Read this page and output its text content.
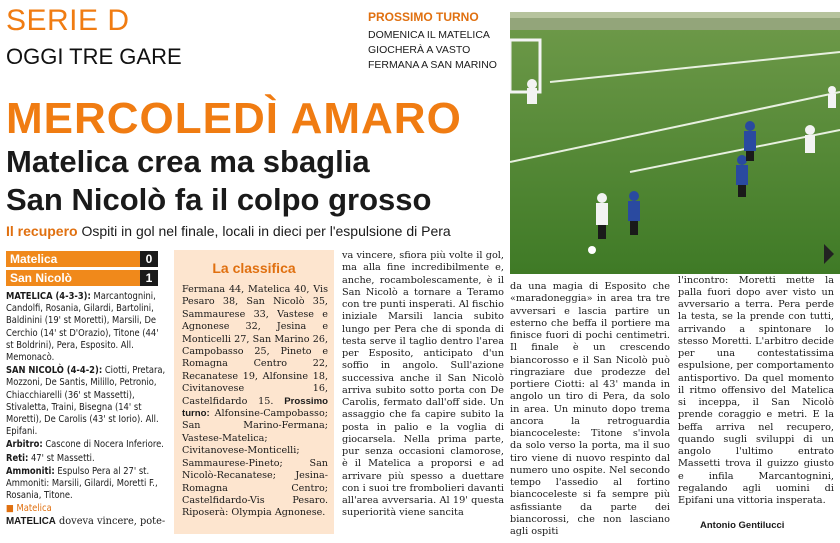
SERIE D
OGGI TRE GARE
PROSSIMO TURNO
DOMENICA IL MATELICA
GIOCHERÀ A VASTO
FERMANA A SAN MARINO
MERCOLEDÌ AMARO
Matelica crea ma sbaglia
San Nicolò fa il colpo grosso
Il recupero Ospiti in gol nel finale, locali in dieci per l'espulsione di Pera
Matelica	0
San Nicolò	1

MATELICA (4-3-3): Marcantognini, Candolfi, Rosania, Gilardi, Bartolini, Baldinini (19' st Moretti), Marsili, De Cerchio (14' st D'Orazio), Titone (44' st Boldrini), Pera, Esposito. All. Memonacò.

SAN NICOLÒ (4-4-2): Ciotti, Pretara, Mozzoni, De Santis, Milillo, Petronio, Chiacchiarelli (36' st Massetti), Stivaletta, Traini, Bisegna (14' st Moretti), De Carolis (43' st Iorio). All. Epifani.

Arbitro: Cascone di Nocera Inferiore.

Reti: 47' st Massetti.

Ammoniti: Espulso Pera al 27' st. Ammoniti: Marsili, Gilardi, Moretti F., Rosania, Titone.

■ Matelica

MATELICA doveva vincere, pote-
La classifica
Fermana 44, Matelica 40, Vis Pesaro 38, San Nicolò 35, Sammaurese 33, Vastese e Agnonese 32, Jesina e Monticelli 27, San Marino 26, Campobasso 25, Pineto e Romagna Centro 22, Recanatese 19, Alfonsine 18, Civitanovese 16, Castelfidardo 15. Prossimo turno: Alfonsine-Campobasso; San Marino-Fermana; Vastese-Matelica; Civitanovese-Monticelli; Sammaurese-Pineto; San Nicolò-Recanatese; Jesina-Romagna Centro; Castelfidardo-Vis Pesaro. Riposerà: Olympia Agnonese.
va vincere, sfiora più volte il gol, ma alla fine incredibilmente e, anche, rocambolescamente, è il San Nicolò a tornare a Teramo con tre punti insperati. Al fischio iniziale Marsili lancia subito lungo per Pera che di sponda di testa serve il taglio dentro l'area per Esposito, anticipato d'un soffio in angolo. Sull'azione successiva anche il San Nicolò arriva subito sotto porta con De Carolis, fermato dall'off side. Un assaggio che fa capire subito la posta in palio e la voglia di giocarsela. Nella prima parte, pur senza occasioni clamorose, è il Matelica a proporsi e ad arrivare più spesso a duettare con i suoi tre frombolieri davanti all'area avversaria. Al 19' questa superiorità viene sancita
da una magia di Esposito che «maradoneggia» in area tra tre avversari e lascia partire un esterno che beffa il portiere ma finisce fuori di pochi centimetri. Il finale è un crescendo biancorosso e il San Nicolò può ringraziare due prodezze del portiere Ciotti: al 43' manda in angolo un tiro di Pera, da solo in area. Un minuto dopo trema ancora la retroguardia biancoceleste: Titone s'invola da solo verso la porta, ma il suo tiro viene di nuovo respinto dal numero uno ospite. Nel secondo tempo l'assedio al fortino biancoceleste si fa sempre più asfissiante da parte dei biancorossi, che non lasciano agli ospiti
l'incontro: Moretti mette la palla fuori dopo aver visto un avversario a terra. Pera perde la testa, se la prende con tutti, arrivando a spintonare lo stesso Moretti. L'arbitro decide per una contestatissima espulsione, per comportamento antisportivo. Da quel momento il ritmo offensivo del Matelica si inceppa, il San Nicolò prende coraggio e metri. E la beffa arriva nel recupero, quando sugli sviluppi di un angolo l'ultimo entrato Massetti trova il guizzo giusto e infila Marcantognini, regalando agli uomini di Epifani una vittoria insperata.
Antonio Gentilucci
